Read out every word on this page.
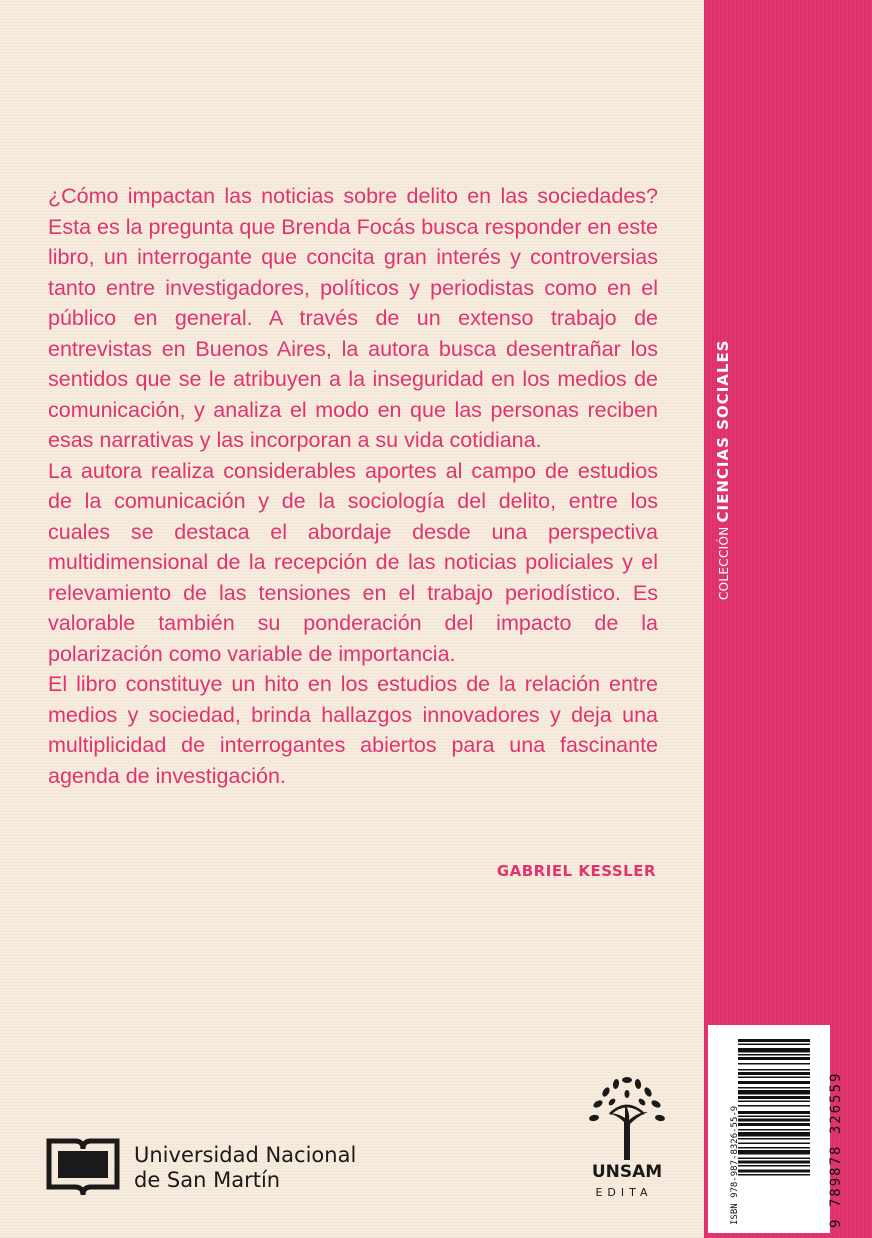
¿Cómo impactan las noticias sobre delito en las sociedades? Esta es la pregunta que Brenda Focás busca responder en este libro, un interrogante que concita gran interés y controversias tanto entre investigadores, políticos y periodistas como en el público en general. A través de un extenso trabajo de entrevistas en Buenos Aires, la autora busca desentrañar los sentidos que se le atribuyen a la inseguridad en los medios de comunicación, y analiza el modo en que las personas reciben esas narrativas y las incorporan a su vida cotidiana.

La autora realiza considerables aportes al campo de estudios de la comunicación y de la sociología del delito, entre los cuales se destaca el abordaje desde una perspectiva multidimensional de la recepción de las noticias policiales y el relevamiento de las tensiones en el trabajo periodístico. Es valorable también su ponderación del impacto de la polarización como variable de importancia.

El libro constituye un hito en los estudios de la relación entre medios y sociedad, brinda hallazgos innovadores y deja una multiplicidad de interrogantes abiertos para una fascinante agenda de investigación.

GABRIEL KESSLER
COLECCIÓNCIENCIAS SOCIALES
ISBN 978-987-8326-55-9	9 789878 326559
Universidad Nacional
de San Martín	UNSAM
EDITA
